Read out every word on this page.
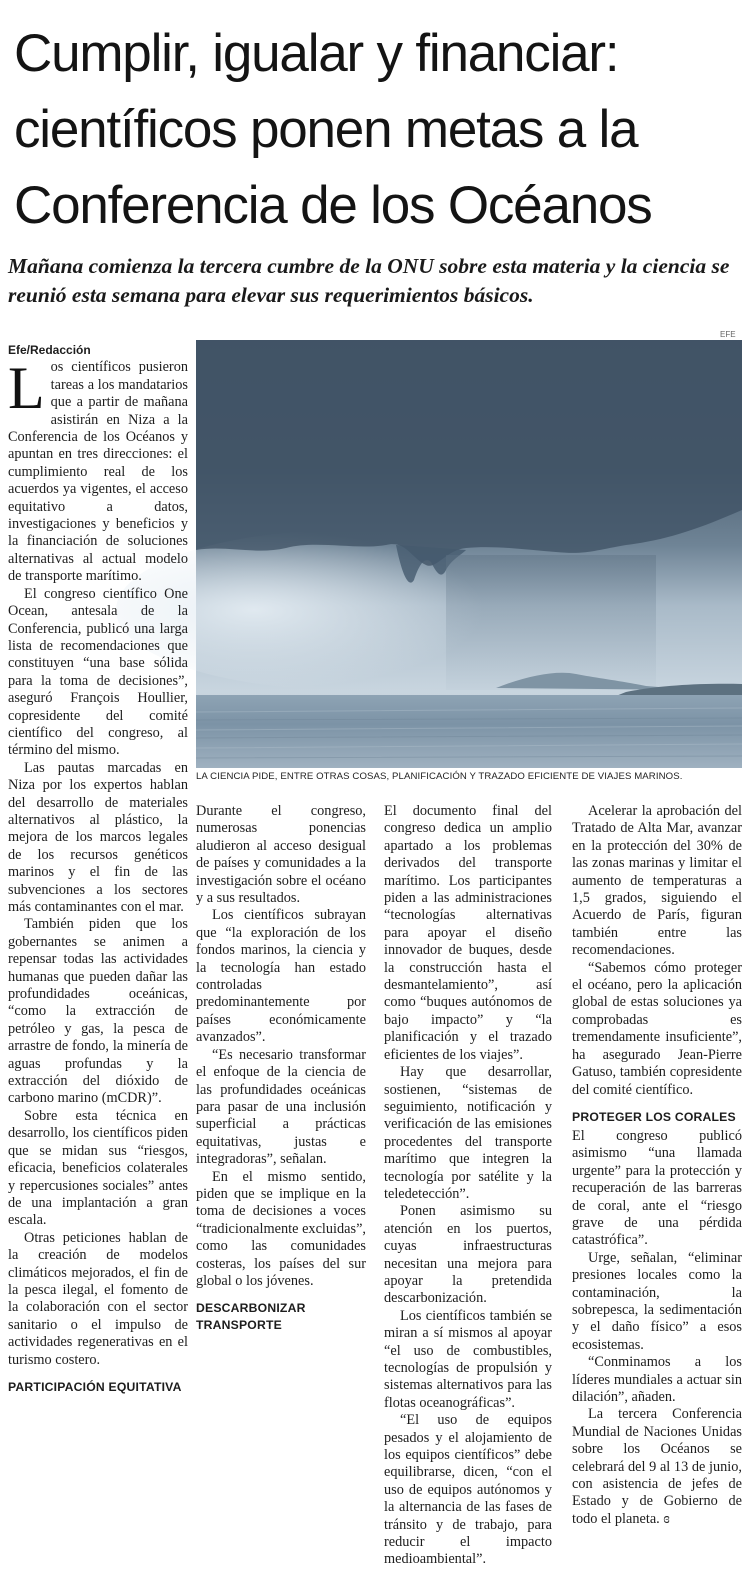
Cumplir, igualar y financiar:
científicos ponen metas a la
Conferencia de los Océanos
Mañana comienza la tercera cumbre de la ONU sobre esta materia y la ciencia se reunió esta semana para elevar sus requerimientos básicos.
EFE
LA CIENCIA PIDE, ENTRE OTRAS COSAS, PLANIFICACIÓN Y TRAZADO EFICIENTE DE VIAJES MARINOS.

Efe/Redacción

Los científicos pusieron tareas a los mandatarios que a partir de mañana asistirán en Niza a la Conferencia de los Océanos y apuntan en tres direcciones: el cumplimiento real de los acuerdos ya vigentes, el acceso equitativo a datos, investigaciones y beneficios y la financiación de soluciones alternativas al actual modelo de transporte marítimo.

El congreso científico One Ocean, antesala de la Conferencia, publicó una larga lista de recomendaciones que constituyen “una base sólida para la toma de decisiones”, aseguró François Houllier, copresidente del comité científico del congreso, al término del mismo.

Las pautas marcadas en Niza por los expertos hablan del desarrollo de materiales alternativos al plástico, la mejora de los marcos legales de los recursos genéticos marinos y el fin de las subvenciones a los sectores más contaminantes con el mar.

También piden que los gobernantes se animen a repensar todas las actividades humanas que pueden dañar las profundidades oceánicas, “como la extracción de petróleo y gas, la pesca de arrastre de fondo, la minería de aguas profundas y la extracción del dióxido de carbono marino (mCDR)”.

Sobre esta técnica en desarrollo, los científicos piden que se midan sus “riesgos, eficacia, beneficios colaterales y repercusiones sociales” antes de una implantación a gran escala.

Otras peticiones hablan de la creación de modelos climáticos mejorados, el fin de la pesca ilegal, el fomento de la colaboración con el sector sanitario o el impulso de actividades regenerativas en el turismo costero.

PARTICIPACIÓN EQUITATIVA

Durante el congreso, numerosas ponencias aludieron al acceso desigual de países y comunidades a la investigación sobre el océano y a sus resultados.

Los científicos subrayan que “la exploración de los fondos marinos, la ciencia y la tecnología han estado controladas predominantemente por países económicamente avanzados”.

“Es necesario transformar el enfoque de la ciencia de las profundidades oceánicas para pasar de una inclusión superficial a prácticas equitativas, justas e integradoras”, señalan.

En el mismo sentido, piden que se implique en la toma de decisiones a voces “tradicionalmente excluidas”, como las comunidades costeras, los países del sur global o los jóvenes.

DESCARBONIZAR TRANSPORTE

El documento final del congreso dedica un amplio apartado a los problemas derivados del transporte marítimo. Los participantes piden a las administraciones “tecnologías alternativas para apoyar el diseño innovador de buques, desde la construcción hasta el desmantelamiento”, así como “buques autónomos de bajo impacto” y “la planificación y el trazado eficientes de los viajes”.

Hay que desarrollar, sostienen, “sistemas de seguimiento, notificación y verificación de las emisiones procedentes del transporte marítimo que integren la tecnología por satélite y la teledetección”.

Ponen asimismo su atención en los puertos, cuyas infraestructuras necesitan una mejora para apoyar la pretendida descarbonización.

Los científicos también se miran a sí mismos al apoyar “el uso de combustibles, tecnologías de propulsión y sistemas alternativos para las flotas oceanográficas”.

“El uso de equipos pesados y el alojamiento de los equipos científicos” debe equilibrarse, dicen, “con el uso de equipos autónomos y la alternancia de las fases de tránsito y de trabajo, para reducir el impacto medioambiental”.

Acelerar la aprobación del Tratado de Alta Mar, avanzar en la protección del 30% de las zonas marinas y limitar el aumento de temperaturas a 1,5 grados, siguiendo el Acuerdo de París, figuran también entre las recomendaciones.

“Sabemos cómo proteger el océano, pero la aplicación global de estas soluciones ya comprobadas es tremendamente insuficiente”, ha asegurado Jean-Pierre Gatuso, también copresidente del comité científico.

PROTEGER LOS CORALES

El congreso publicó asimismo “una llamada urgente” para la protección y recuperación de las barreras de coral, ante el “riesgo grave de una pérdida catastrófica”.

Urge, señalan, “eliminar presiones locales como la contaminación, la sobrepesca, la sedimentación y el daño físico” a esos ecosistemas.

“Conminamos a los líderes mundiales a actuar sin dilación”, añaden.

La tercera Conferencia Mundial de Naciones Unidas sobre los Océanos se celebrará del 9 al 13 de junio, con asistencia de jefes de Estado y de Gobierno de todo el planeta. ɞ
